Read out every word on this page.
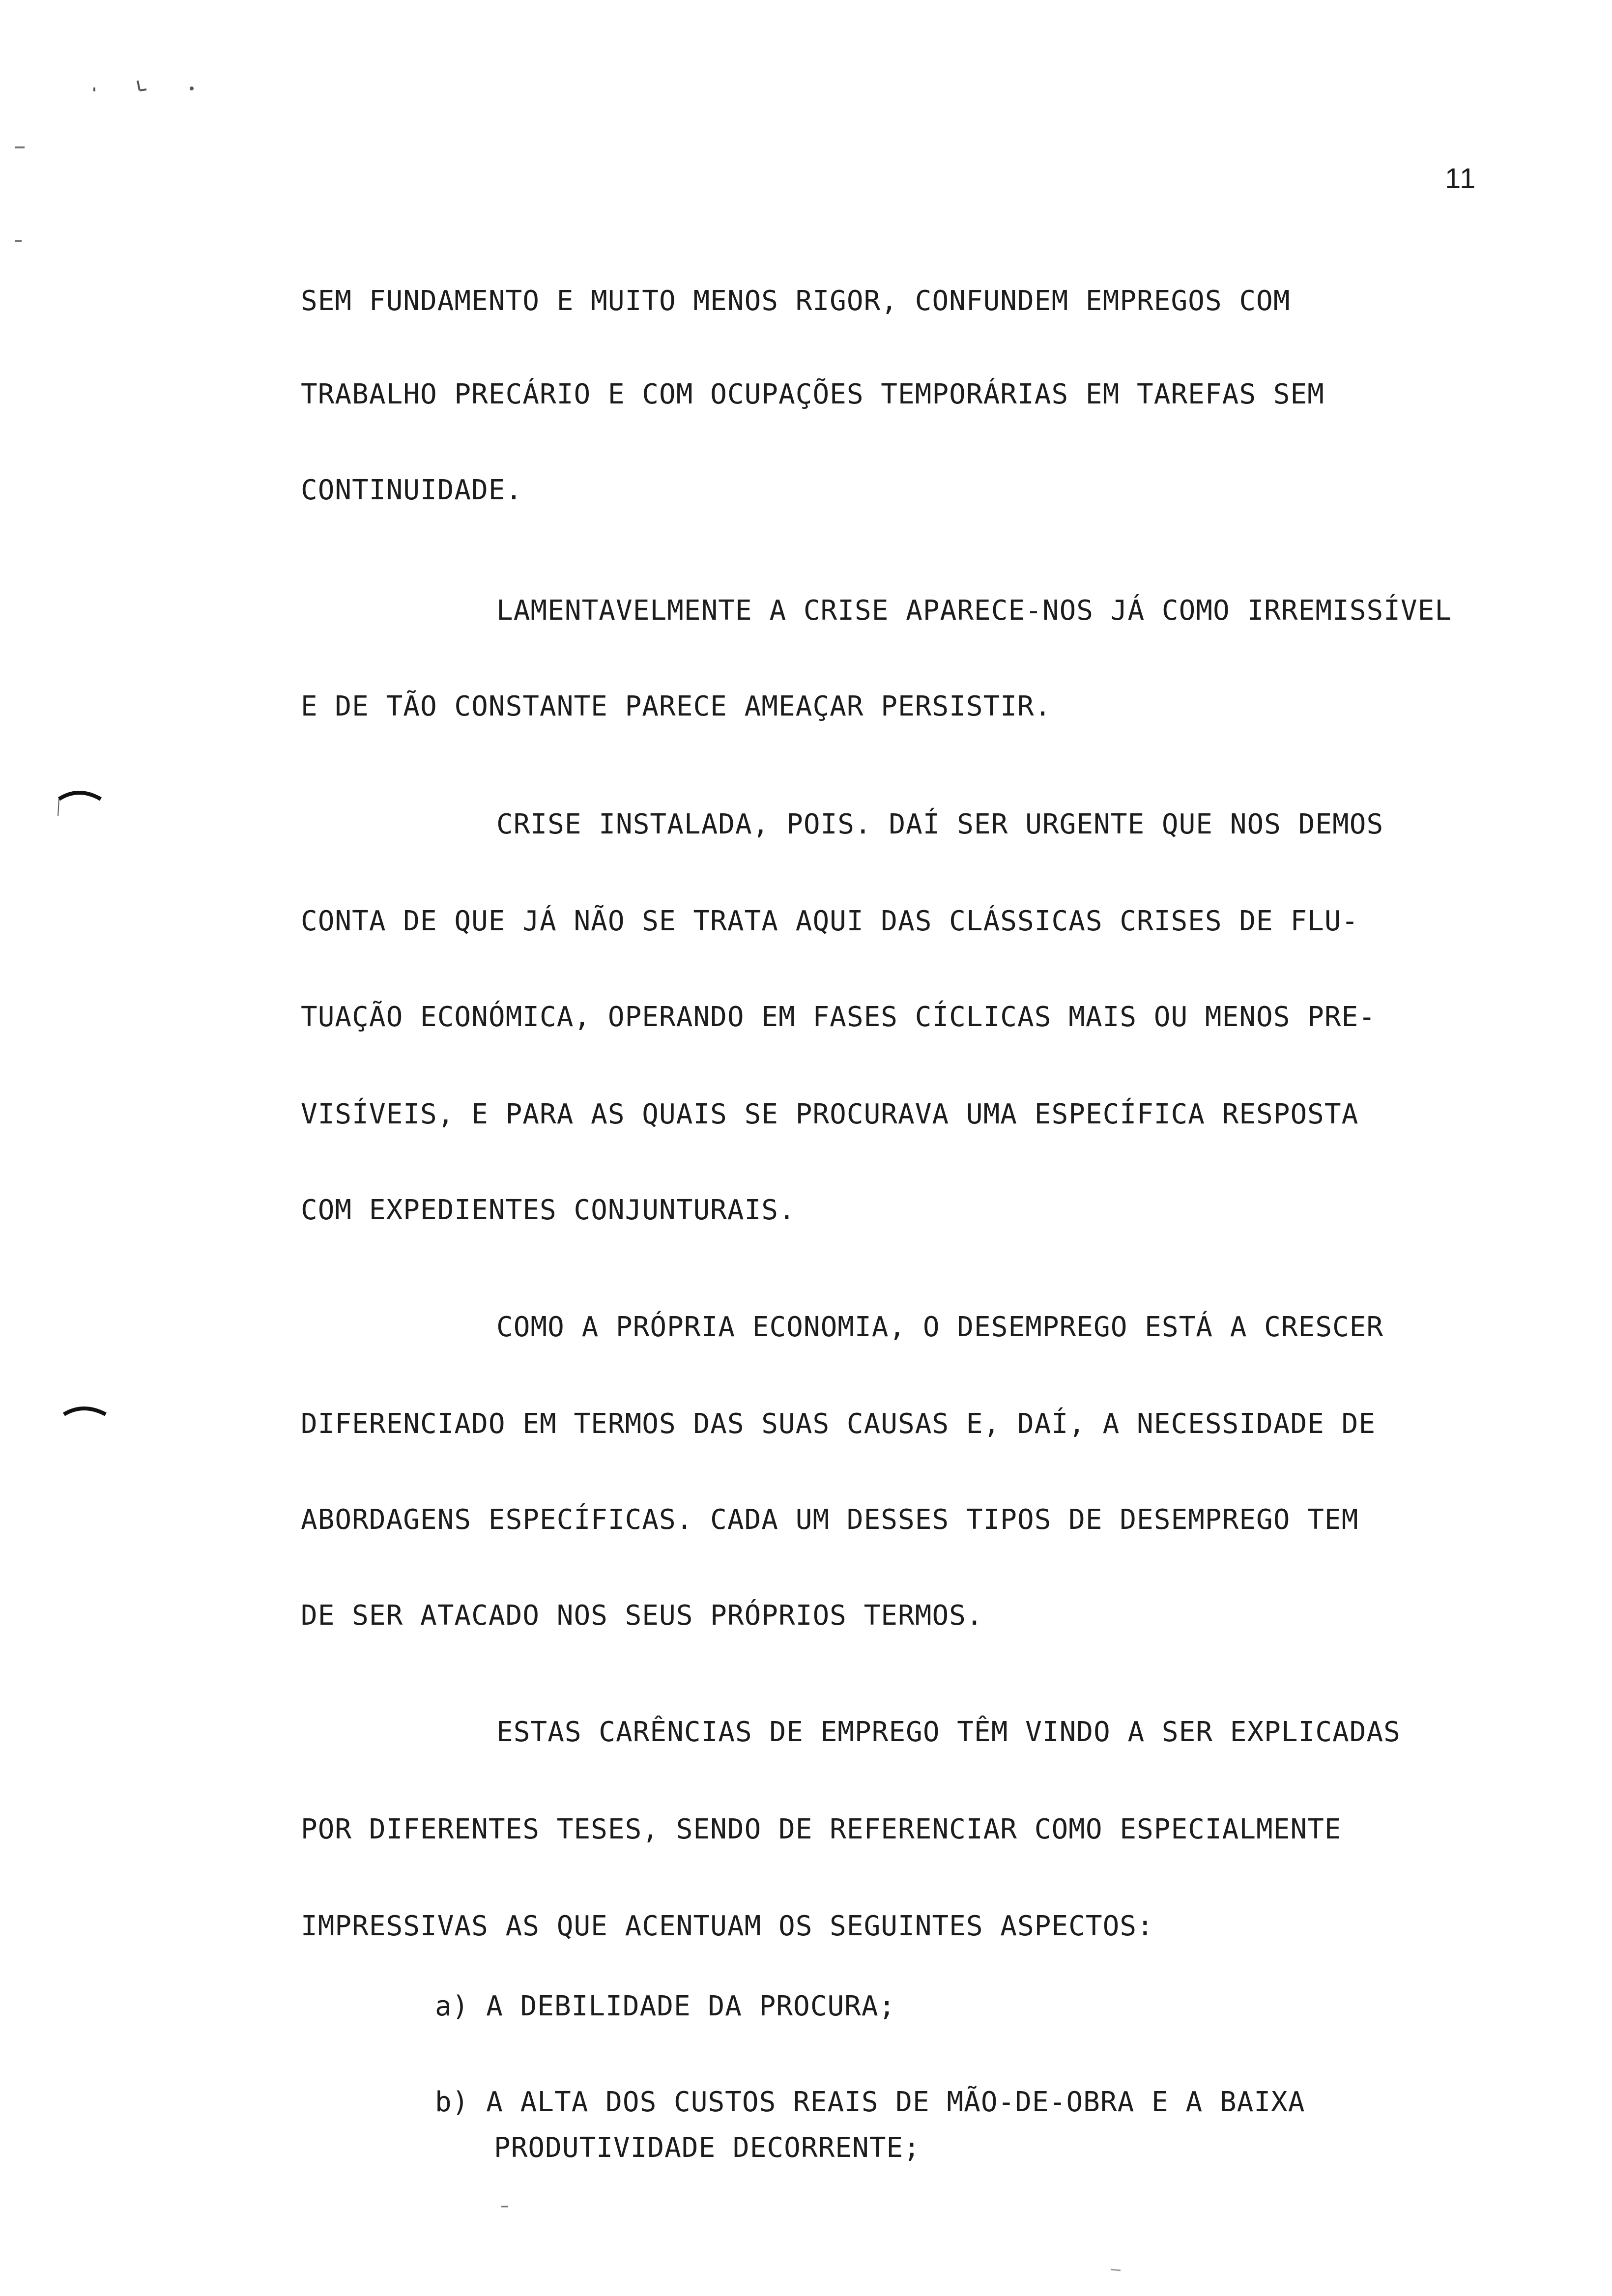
11
SEM FUNDAMENTO E MUITO MENOS RIGOR, CONFUNDEM EMPREGOS COM
TRABALHO PRECÁRIO E COM OCUPAÇÕES TEMPORÁRIAS EM TAREFAS SEM
CONTINUIDADE.
LAMENTAVELMENTE A CRISE APARECE-NOS JÁ COMO IRREMISSÍVEL
E DE TÃO CONSTANTE PARECE AMEAÇAR PERSISTIR.
CRISE INSTALADA, POIS. DAÍ SER URGENTE QUE NOS DEMOS
CONTA DE QUE JÁ NÃO SE TRATA AQUI DAS CLÁSSICAS CRISES DE FLU-
TUAÇÃO ECONÓMICA, OPERANDO EM FASES CÍCLICAS MAIS OU MENOS PRE-
VISÍVEIS, E PARA AS QUAIS SE PROCURAVA UMA ESPECÍFICA RESPOSTA
COM EXPEDIENTES CONJUNTURAIS.
COMO A PRÓPRIA ECONOMIA, O DESEMPREGO ESTÁ A CRESCER
DIFERENCIADO EM TERMOS DAS SUAS CAUSAS E, DAÍ, A NECESSIDADE DE
ABORDAGENS ESPECÍFICAS. CADA UM DESSES TIPOS DE DESEMPREGO TEM
DE SER ATACADO NOS SEUS PRÓPRIOS TERMOS.
ESTAS CARÊNCIAS DE EMPREGO TÊM VINDO A SER EXPLICADAS
POR DIFERENTES TESES, SENDO DE REFERENCIAR COMO ESPECIALMENTE
IMPRESSIVAS AS QUE ACENTUAM OS SEGUINTES ASPECTOS:
a) A DEBILIDADE DA PROCURA;
b) A ALTA DOS CUSTOS REAIS DE MÃO-DE-OBRA E A BAIXA
PRODUTIVIDADE DECORRENTE;
